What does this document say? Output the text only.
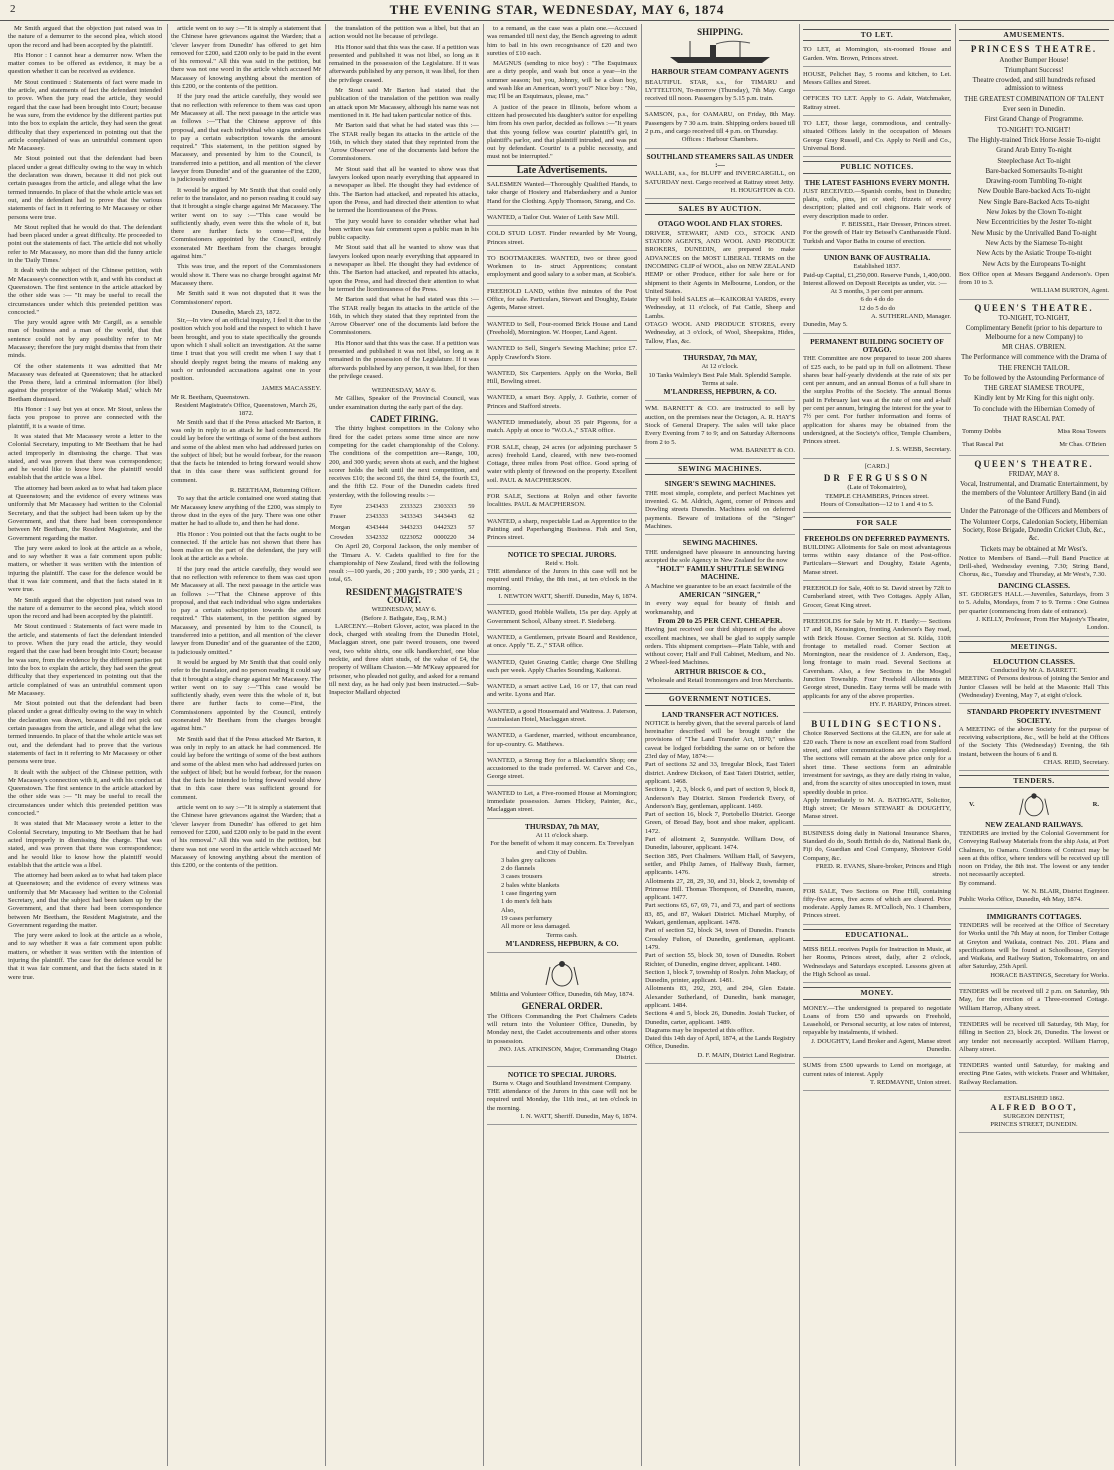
2	THE EVENING STAR, WEDNESDAY, MAY 6, 1874

Mr Smith argued that the objection just raised was in the nature of a demurrer to the second plea, which stood upon the record and had been accepted by the plaintiff.

His Honor : I cannot hear a demurrer now. When the matter comes to be offered as evidence, it may be a question whether it can be received as evidence.

Mr Stout continued : Statements of fact were made in the article, and statements of fact the defendant intended to prove. When the jury read the article, they would regard that the case had been brought into Court; because he was sure, from the evidence by the different parties put into the box to explain the article, they had seen the great difficulty that they experienced in pointing out that the article complained of was an untruthful comment upon Mr Macassey.

Mr Stout pointed out that the defendant had been placed under a great difficulty owing to the way in which the declaration was drawn, because it did not pick out certain passages from the article, and allege what the law termed innuendo. In place of that the whole article was set out, and the defendant had to prove that the various statements of fact in it referring to Mr Macassey or other persons were true.

Mr Stout replied that he would do that. The defendant had been placed under a great difficulty. He proceeded to point out the statements of fact. The article did not wholly refer to Mr Macassey, no more than did the funny article in the 'Daily Times.'

It dealt with the subject of the Chinese petition, with Mr Macassey's connection with it, and with his conduct at Queenstown. The first sentence in the article attacked by the other side was :— "It may be useful to recall the circumstances under which this pretended petition was concocted."

The jury would agree with Mr Cargill, as a sensible man of business and a man of the world, that that sentence could not by any possibility refer to Mr Macassey; therefore the jury might dismiss that from their minds.

Of the other statements it was admitted that Mr Macassey was defeated at Queenstown; that he attacked the Press there, laid a criminal information (for libel) against the proprietor of the 'Wakatip Mail,' which Mr Beetham dismissed.

His Honor : I say but yes at once. Mr Stout, unless the facts you propose to prove are connected with the plaintiff, it is a waste of time.

It was stated that Mr Macassey wrote a letter to the Colonial Secretary, imputing to Mr Beetham that he had acted improperly in dismissing the charge. That was stated, and was proven that there was correspondence; and he would like to know how the plaintiff would establish that the article was a libel.

The attorney had been asked as to what had taken place at Queenstown; and the evidence of every witness was uniformly that Mr Macassey had written to the Colonial Secretary, and that the subject had been taken up by the Government, and that there had been correspondence between Mr Beetham, the Resident Magistrate, and the Government regarding the matter.

The jury were asked to look at the article as a whole, and to say whether it was a fair comment upon public matters, or whether it was written with the intention of injuring the plaintiff. The case for the defence would be that it was fair comment, and that the facts stated in it were true.

Mr Smith argued that the objection just raised was in the nature of a demurrer to the second plea, which stood upon the record and had been accepted by the plaintiff.

Mr Stout continued : Statements of fact were made in the article, and statements of fact the defendant intended to prove. When the jury read the article, they would regard that the case had been brought into Court; because he was sure, from the evidence by the different parties put into the box to explain the article, they had seen the great difficulty that they experienced in pointing out that the article complained of was an untruthful comment upon Mr Macassey.

Mr Stout pointed out that the defendant had been placed under a great difficulty owing to the way in which the declaration was drawn, because it did not pick out certain passages from the article, and allege what the law termed innuendo. In place of that the whole article was set out, and the defendant had to prove that the various statements of fact in it referring to Mr Macassey or other persons were true.

It dealt with the subject of the Chinese petition, with Mr Macassey's connection with it, and with his conduct at Queenstown. The first sentence in the article attacked by the other side was :— "It may be useful to recall the circumstances under which this pretended petition was concocted."

It was stated that Mr Macassey wrote a letter to the Colonial Secretary, imputing to Mr Beetham that he had acted improperly in dismissing the charge. That was stated, and was proven that there was correspondence; and he would like to know how the plaintiff would establish that the article was a libel.

The attorney had been asked as to what had taken place at Queenstown; and the evidence of every witness was uniformly that Mr Macassey had written to the Colonial Secretary, and that the subject had been taken up by the Government, and that there had been correspondence between Mr Beetham, the Resident Magistrate, and the Government regarding the matter.

The jury were asked to look at the article as a whole, and to say whether it was a fair comment upon public matters, or whether it was written with the intention of injuring the plaintiff. The case for the defence would be that it was fair comment, and that the facts stated in it were true.

article went on to say :—"It is simply a statement that the Chinese have grievances against the Warden; that a 'clever lawyer from Dunedin' has offered to get him removed for £200, said £200 only to be paid in the event of his removal." All this was said in the petition, but there was not one word in the article which accused Mr Macassey of knowing anything about the mention of this £200, or the contents of the petition.

If the jury read the article carefully, they would see that no reflection with reference to them was cast upon Mr Macassey at all. The next passage in the article was as follows :—"That the Chinese approve of this proposal, and that each individual who signs undertakes to pay a certain subscription towards the amount required." This statement, in the petition signed by Macassey, and presented by him to the Council, is transferred into a petition, and all mention of 'the clever lawyer from Dunedin' and of the guarantee of the £200, is judiciously omitted."

It would be argued by Mr Smith that that could only refer to the translator, and no person reading it could say that it brought a single charge against Mr Macassey. The writer went on to say :—"This case would be sufficiently shady, even were this the whole of it, but there are further facts to come—First, the Commissioners appointed by the Council, entirely exonerated Mr Beetham from the charges brought against him."

This was true, and the report of the Commissioners would show it. There was no charge brought against Mr Macassey there.

Mr Smith said it was not disputed that it was the Commissioners' report.

Dunedin, March 23, 1872.

Sir,—In view of an official inquiry, I feel it due to the position which you hold and the respect to which I have been brought, and you to state specifically the grounds upon which I shall solicit an investigation. At the same time I trust that you will credit me when I say that I should deeply regret being the means of making any such or unfounded accusations against one in your position.

JAMES MACASSEY.
Mr R. Beetham, Queenstown.
Resident Magistrate's Office, Queenstown, March 26, 1872.

Mr Smith said that if the Press attacked Mr Barton, it was only in reply to an attack he had commenced. He could lay before the writings of some of the best authors and some of the ablest men who had addressed juries on the subject of libel; but he would forbear, for the reason that the facts he intended to bring forward would show that in this case there was sufficient ground for comment.

R. BEETHAM, Returning Officer.

To say that the article contained one word stating that Mr Macassey knew anything of the £200, was simply to throw dust in the eyes of the jury. There was one other matter he had to allude to, and then he had done.

His Honor : You pointed out that the facts ought to be connected. If the article has not shown that there has been malice on the part of the defendant, the jury will look at the article as a whole.

If the jury read the article carefully, they would see that no reflection with reference to them was cast upon Mr Macassey at all. The next passage in the article was as follows :—"That the Chinese approve of this proposal, and that each individual who signs undertakes to pay a certain subscription towards the amount required." This statement, in the petition signed by Macassey, and presented by him to the Council, is transferred into a petition, and all mention of 'the clever lawyer from Dunedin' and of the guarantee of the £200, is judiciously omitted."

It would be argued by Mr Smith that that could only refer to the translator, and no person reading it could say that it brought a single charge against Mr Macassey. The writer went on to say :—"This case would be sufficiently shady, even were this the whole of it, but there are further facts to come—First, the Commissioners appointed by the Council, entirely exonerated Mr Beetham from the charges brought against him."

Mr Smith said that if the Press attacked Mr Barton, it was only in reply to an attack he had commenced. He could lay before the writings of some of the best authors and some of the ablest men who had addressed juries on the subject of libel; but he would forbear, for the reason that the facts he intended to bring forward would show that in this case there was sufficient ground for comment.

article went on to say :—"It is simply a statement that the Chinese have grievances against the Warden; that a 'clever lawyer from Dunedin' has offered to get him removed for £200, said £200 only to be paid in the event of his removal." All this was said in the petition, but there was not one word in the article which accused Mr Macassey of knowing anything about the mention of this £200, or the contents of the petition.

the translation of the petition was a libel, but that an action would not lie because of privilege.

His Honor said that this was the case. If a petition was presented and published it was not libel, so long as it remained in the possession of the Legislature. If it was afterwards published by any person, it was libel, for then the privilege ceased.

Mr Stout said Mr Barton had stated that the publication of the translation of the petition was really an attack upon Mr Macassey, although his name was not mentioned in it. He had taken particular notice of this.

Mr Barton said that what he had stated was this :—The STAR really began its attacks in the article of the 16th, in which they stated that they reprinted from the 'Arrow Observer' one of the documents laid before the Commissioners.

Mr Stout said that all he wanted to show was that lawyers looked upon nearly everything that appeared in a newspaper as libel. He thought they had evidence of this. The Barton had attacked, and repeated his attacks, upon the Press, and had directed their attention to what he termed the licentiousness of the Press.

The jury would have to consider whether what had been written was fair comment upon a public man in his public capacity.

Mr Stout said that all he wanted to show was that lawyers looked upon nearly everything that appeared in a newspaper as libel. He thought they had evidence of this. The Barton had attacked, and repeated his attacks, upon the Press, and had directed their attention to what he termed the licentiousness of the Press.

Mr Barton said that what he had stated was this :—The STAR really began its attacks in the article of the 16th, in which they stated that they reprinted from the 'Arrow Observer' one of the documents laid before the Commissioners.

His Honor said that this was the case. If a petition was presented and published it was not libel, so long as it remained in the possession of the Legislature. If it was afterwards published by any person, it was libel, for then the privilege ceased.

WEDNESDAY, MAY 6.

Mr Gillies, Speaker of the Provincial Council, was under examination during the early part of the day.

CADET FIRING.

The thirty highest competitors in the Colony who fired for the cadet prizes some time since are now competing for the cadet championship of the Colony. The conditions of the competition are—Range, 100, 200, and 300 yards; seven shots at each, and the highest scorer holds the belt until the next competition, and receives £10; the second £6, the third £4, the fourth £3, and the fifth £2. Four of the Dunedin cadets fired yesterday, with the following results :—

Eyre	2343433	2333323	2303333	59
Fraser	2343333	3433343	3443443	62
Morgan	4343444	3443233	0442323	57
Crowden	3342332	0223052	0000220	34

On April 20, Corporal Jackson, the only member of the Timaru A. V. Cadets qualified to fire for the championship of New Zealand, fired with the following result :—100 yards, 26 ; 200 yards, 19 ; 300 yards, 21 ; total, 65.

RESIDENT MAGISTRATE'S COURT.
WEDNESDAY, MAY 6.
(Before J. Bathgate, Esq., R.M.)

LARCENY.—Robert Glover, actor, was placed in the dock, charged with stealing from the Dunedin Hotel, Maclaggan street, one pair tweed trousers, one tweed vest, two white shirts, one silk handkerchief, one blue necktie, and three shirt studs, of the value of £4, the property of William Chaston.—Mr M'Keay appeared for prisoner, who pleaded not guilty, and asked for a remand till next day, as he had only just been instructed.—Sub-Inspector Mallard objected

to a remand, as the case was a plain one.—Accused was remanded till next day, the Bench agreeing to admit him to bail in his own recognisance of £20 and two sureties of £10 each.

MAGNUS (sending to nice boy) : "The Esquimaux are a dirty people, and wash but once a year—in the summer season; but you, Johnny, will be a clean boy, and wash like an American, won't you?" Nice boy : "No, ma; I'll be an Esquimaux, please, ma."

A justice of the peace in Illinois, before whom a citizen had prosecuted his daughter's suitor for expelling him from his own parlor, decided as follows :—"It years that this young fellow was courtin' plaintiff's girl, in plaintiff's parlor, and that plaintiff intruded, and was put out by defendant. Courtin' is a public necessity, and must not be interrupted."

Late Advertisements.
SALESMEN Wanted—Thoroughly Qualified Hands, to take charge of Hosiery and Haberdashery and a Junior Hand for the Clothing. Apply Thomson, Strang, and Co.
WANTED, a Tailor Out. Water of Leith Saw Mill.
COLD STUD LOST. Finder rewarded by Mr Young, Princes street.
TO BOOTMAKERS. WANTED, two or three good Workmen to in- struct Apprentices; constant employment and good salary to a sober man, at Scobie's.
FREEHOLD LAND, within five minutes of the Post Office, for sale. Particulars, Stewart and Doughty, Estate Agents, Manse street.
WANTED to Sell, Four-roomed Brick House and Land (Freehold), Mornington. W. Hooper, Land Agent.
WANTED to Sell, Singer's Sewing Machine; price £7. Apply Crawford's Store.
WANTED, Six Carpenters. Apply on the Works, Bell Hill, Bowling street.
WANTED, a smart Boy. Apply, J. Guthrie, corner of Princes and Stafford streets.
WANTED immediately, about 35 pair Pigeons, for a match. Apply at once to "W.O.A.," STAR office.
FOR SALE, cheap, 24 acres (or adjoining purchaser 5 acres) freehold Land, cleared, with new two-roomed Cottage, three miles from Post office. Good spring of water with plenty of firewood on the property. Excellent soil. PAUL & MACPHERSON.
FOR SALE, Sections at Rolyn and other favorite localities. PAUL & MACPHERSON.
WANTED, a sharp, respectable Lad as Apprentice to the Painting and Paperhanging Business. Fish and Son, Princes street.
NOTICE TO SPECIAL JURORS.
Reid v. Holt.
THE attendance of the Jurors in this case will not be required until Friday, the 8th inst., at ten o'clock in the morning.
I. NEWTON WATT, Sheriff. Dunedin, May 6, 1874.
WANTED, good Hobble Wallets, 15s per day. Apply at Government School, Albany street. F. Siedeberg.
WANTED, a Gentlemen, private Board and Residence, at once. Apply "E. Z.," STAR office.
WANTED, Quiet Grazing Cattle; charge One Shilling each per week. Apply Charles Sounding, Kaikorai.
WANTED, a smart active Lad, 16 or 17, that can read and write. Lyons and Har.
WANTED, a good Housemaid and Waitress. J. Paterson, Australasian Hotel, Maclaggan street.
WANTED, a Gardener, married, without encumbrance, for up-country. G. Matthews.
WANTED, a Strong Boy for a Blacksmith's Shop; one accustomed to the trade preferred. W. Carver and Co., George street.
WANTED to Let, a Five-roomed House at Mornington; immediate possession. James Hickey, Painter, &c., Maclaggan street.
THURSDAY, 7th MAY,
At 11 o'clock sharp.
For the benefit of whom it may concern. Ex Trevelyan and City of Dublin.
3 bales grey calicoes
2 do flannels
3 cases trousers
2 bales white blankets
1 case fingering yarn
1 do men's felt hats
Also,
19 cases perfumery
All more or less damaged.
Terms cash.
M'LANDRESS, HEPBURN, & CO.
Militia and Volunteer Office, Dunedin, 6th May, 1874.
GENERAL ORDER.
The Officers Commanding the Port Chalmers Cadets will return into the Volunteer Office, Dunedin, by Monday next, the Cadet accoutrements and other stores in possession.
JNO. JAS. ATKINSON, Major, Commanding Otago District.
NOTICE TO SPECIAL JURORS.
Burns v. Otago and Southland Investment Company.
THE attendance of the Jurors in this case will not be required until Monday, the 11th inst., at ten o'clock in the morning.
I. N. WATT, Sheriff. Dunedin, May 6, 1874.
SHIPPING.
HARBOUR STEAM COMPANY AGENTS
BEAUTIFUL STAR, s.s., for TIMARU and LYTTELTON, To-morrow (Thursday), 7th May. Cargo received till noon. Passengers by 5.15 p.m. train.
SAMSON, p.s., for OAMARU, on Friday, 8th May. Passengers by 7 30 a.m. train. Shipping orders issued till 2 p.m., and cargo received till 4 p.m. on Thursday.
Offices : Harbour Chambers.
SOUTHLAND STEAMERS SAIL AS UNDER :—
WALLABI, s.s., for BLUFF and INVERCARGILL, on SATURDAY next. Cargo received at Rattray street Jetty.
H. HOUGHTON & CO.
SALES BY AUCTION.
OTAGO WOOL AND FLAX STORES.
DRIVER, STEWART, AND CO., STOCK AND STATION AGENTS, AND WOOL AND PRODUCE BROKERS, DUNEDIN, are prepared to make ADVANCES on the MOST LIBERAL TERMS on the INCOMING CLIP of WOOL, also on NEW ZEALAND HEMP or other Produce, either for sale here or for shipment to their Agents in Melbourne, London, or the United States.
They will hold SALES at—KAIKORAI YARDS, every Wednesday, at 11 o'clock, of Fat Cattle, Sheep and Lambs.
OTAGO WOOL AND PRODUCE STORES, every Wednesday, at 3 o'clock, of Wool, Sheepskins, Hides, Tallow, Flax, &c.
THURSDAY, 7th MAY,
At 12 o'clock.
10 Tanks Walmley's Best Pale Malt. Splendid Sample.
Terms at sale.
M'LANDRESS, HEPBURN, & CO.
WM. BARNETT & CO. are instructed to sell by auction, on the premises near the Octagon, A. R. HAY'S Stock of General Drapery. The sales will take place Every Evening from 7 to 9; and on Saturday Afternoons from 2 to 5.
WM. BARNETT & CO.
SEWING MACHINES.
SINGER'S SEWING MACHINES.
THE most simple, complete, and perfect Machines yet invented. G. M. Aldrich, Agent, corner of Princes and Dowling streets Dunedin. Machines sold on deferred payments. Beware of imitations of the "Singer" Machines.
SEWING MACHINES.
THE undersigned have pleasure in announcing having accepted the sole Agency in New Zealand for the now
"HOLT" FAMILY SHUTTLE SEWING MACHINE.
A Machine we guarantee to be an exact facsimile of the
AMERICAN "SINGER,"
in every way equal for beauty of finish and workmanship, and
From 20 to 25 PER CENT. CHEAPER.
Having just received our third shipment of the above excellent machines, we shall be glad to supply sample orders. This shipment comprises—Plain Table, with and without cover; Half and Full Cabinet, Medium, and No. 2 Wheel-feed Machines.
ARTHUR BRISCOE & CO.,
Wholesale and Retail Ironmongers and Iron Merchants.
GOVERNMENT NOTICES.
LAND TRANSFER ACT NOTICES.
NOTICE is hereby given, that the several parcels of land hereinafter described will be brought under the provisions of "The Land Transfer Act, 1870," unless caveat be lodged forbidding the same on or before the 23rd day of May, 1874:—
Part of sections 32 and 33, Irregular Block, East Taieri district. Andrew Dickson, of East Taieri District, settler, applicant. 1468.
Sections 1, 2, 3, block 6, and part of section 9, block 8, Anderson's Bay District. Simon Frederick Every, of Anderson's Bay, gentleman, applicant. 1469.
Part of section 16, block 7, Portobello District. George Green, of Broad Bay, boot and shoe maker, applicant. 1472.
Part of allotment 2, Sunnyside. William Dow, of Dunedin, labourer, applicant. 1474.
Section 385, Port Chalmers. William Hall, of Sawyers, settler, and Philip James, of Halfway Bush, farmer, applicants. 1476.
Allotments 27, 28, 29, 30, and 31, block 2, township of Primrose Hill. Thomas Thompson, of Dunedin, mason, applicant. 1477.
Part sections 65, 67, 69, 71, and 73, and part of sections 83, 85, and 87, Wakari District. Michael Murphy, of Wakari, gentleman, applicant. 1478.
Part of section 52, block 34, town of Dunedin. Francis Crossley Fulton, of Dunedin, gentleman, applicant. 1479.
Part of section 55, block 30, town of Dunedin. Robert Richter, of Dunedin, engine driver, applicant. 1480.
Section 1, block 7, township of Roslyn. John Mackay, of Dunedin, printer, applicant. 1481.
Allotments 83, 292, 293, and 294, Glen Estate. Alexander Sutherland, of Dunedin, bank manager, applicant. 1484.
Sections 4 and 5, block 26, Dunedin. Josiah Tucker, of Dunedin, carter, applicant. 1489.
Diagrams may be inspected at this office.
Dated this 14th day of April, 1874, at the Lands Registry Office, Dunedin.
D. F. MAIN, District Land Registrar.
TO LET.
TO LET, at Mornington, six-roomed House and Garden. Wm. Brown, Princes street.
HOUSE, Pelichet Bay, 5 rooms and kitchen, to Let. Messrs Gillies and Street.
OFFICES TO LET. Apply to G. Adair, Watchmaker, Rattray street.
TO LET, those large, commodious, and centrally-situated Offices lately in the occupation of Messrs George Gray Russell, and Co. Apply to Neill and Co., Universal Bond.
PUBLIC NOTICES.
THE LATEST FASHIONS EVERY MONTH.
JUST RECEIVED.—Spanish combs, best in Dunedin; plaits, coils, pins, jet or steel; frizzets of every description; plaited and coil chignons. Hair work of every description made to order.
F. BEISSEL, Hair Dresser, Princes street.
For the growth of Hair try Beissel's Cantharaside Fluid. Turkish and Vapor Baths in course of erection.
UNION BANK OF AUSTRALIA.
Established 1837.
Paid-up Capital, £1,250,000. Reserve Funds, 1,400,000.
Interest allowed on Deposit Receipts as under, viz. :—
At 3 months, 3 per cent per annum.
6 do 4 do do
12 do 5 do do
A. SUTHERLAND, Manager.
Dunedin, May 5.
PERMANENT BUILDING SOCIETY OF OTAGO.
THE Committee are now prepared to issue 200 shares of £25 each, to be paid up in full on allotment. These shares bear half-yearly dividends at the rate of six per cent per annum, and an annual Bonus of a full share in the surplus Profits of the Society. The annual Bonus paid in February last was at the rate of one and a-half per cent per annum, bringing the interest for the year to 7½ per cent. For further information and forms of application for shares may be obtained from the undersigned, at the Society's office, Temple Chambers, Princes street.
J. S. WEBB, Secretary.
[CARD.]
DR FERGUSSON
(Late of Tokomairiro),
TEMPLE CHAMBERS, Princes street.
Hours of Consultation—12 to 1 and 4 to 5.
FOR SALE
FREEHOLDS ON DEFERRED PAYMENTS.
BUILDING Allotments for Sale on most advantageous terms within easy distance of the Post-office. Particulars—Stewart and Doughty, Estate Agents, Manse street.
FREEHOLD for Sale, 40ft to St. David street by 72ft to Cumberland street, with Two Cottages. Apply Allan, Grocer, Great King street.
FREEHOLDS for Sale by Mr H. F. Hardy:— Sections 17 and 18, Kensington, fronting Anderson's Bay road, with Brick House. Corner Section at St. Kilda, 110ft frontage to metalled road. Corner Section at Mornington, near the residence of J. Anderson, Esq., long frontage to main road. Several Sections at Caversham. Also, a few Sections in the Mosgiel Junction Township. Four Freehold Allotments in George street, Dunedin. Easy terms will be made with applicants for any of the above properties.
HY. F. HARDY, Princes street.
BUILDING SECTIONS.
Choice Reserved Sections at the GLEN, are for sale at £20 each. There is now an excellent road from Stafford street, and other communications are also completed. The sections will remain at the above price only for a short time. These sections form an admirable investment for savings, as they are daily rising in value, and, from the scarcity of sites unoccupied in town, must speedily double in price.
Apply immediately to M. A. BATHGATE, Solicitor, High street; Or Messrs STEWART & DOUGHTY, Manse street.
BUSINESS doing daily in National Insurance Shares, Standard do do, South British do do, National Bank do, Fiji do, Guardian and Coal Company, Shotover Gold Company, &c.
FRED. R. EVANS, Share-broker, Princes and High streets.
FOR SALE, Two Sections on Pine Hill, containing fifty-five acres, five acres of which are cleared. Price moderate. Apply James R. M'Culloch, No. 1 Chambers, Princes street.
EDUCATIONAL.
MISS BELL receives Pupils for Instruction in Music, at her Rooms, Princes street, daily, after 2 o'clock, Wednesdays and Saturdays excepted. Lessons given at the High School as usual.
MONEY.
MONEY.—The undersigned is prepared to negotiate Loans of from £50 and upwards on Freehold, Leasehold, or Personal security, at low rates of interest, repayable by instalments, if wished.
J. DOUGHTY, Land Broker and Agent, Manse street Dunedin.
SUMS from £500 upwards to Lend on mortgage, at current rates of interest. Apply
T. REDMAYNE, Union street.
AMUSEMENTS.
PRINCESS THEATRE.
Another Bumper House!
Triumphant Success!
Theatre crowded, and still hundreds refused admission to witness
THE GREATEST COMBINATION OF TALENT
Ever seen in Dunedin.
First Grand Change of Programme.
TO-NIGHT! TO-NIGHT!
The Highly-trained Trick Horse Jessie To-night
Grand Arab Entry To-night
Steeplechase Act To-night
Bare-backed Somersaults To-night
Drawing-room Tumbling To-night
New Double Bare-backed Acts To-night
New Single Bare-Backed Acts To-night
New Jokes by the Clown To-night
New Eccentricities by the Jester To-night
New Music by the Unrivalled Band To-night
New Acts by the Siamese To-night
New Acts by the Asiatic Troupe To-night
New Acts by the Europeans To-night
Box Office open at Messrs Beggand Anderson's. Open from 10 to 3.
WILLIAM BURTON, Agent.
QUEEN'S THEATRE.
TO-NIGHT, TO-NIGHT,
Complimentary Benefit (prior to his departure to Melbourne for a new Company) to
MR CHAS. O'BRIEN.
The Performance will commence with the Drama of
THE FRENCH TAILOR.
To be followed by the Astounding Performance of
THE GREAT SIAMESE TROUPE,
Kindly lent by Mr King for this night only.
To conclude with the Hibernian Comedy of
THAT RASCAL PAT.
Tommy Dobbs	Miss Rosa Towers
That Rascal Pat	Mr Chas. O'Brien
QUEEN'S THEATRE.
FRIDAY, MAY 8.
Vocal, Instrumental, and Dramatic Entertainment, by the members of the Volunteer Artillery Band (in aid of the Band Fund).
Under the Patronage of the Officers and Members of
The Volunteer Corps, Caledonian Society, Hibernian Society, Rose Brigade, Dunedin Cricket Club, &c., &c.
Tickets may be obtained at Mr West's.
Notice to Members of Band.—Full Band Practice at Drill-shed, Wednesday evening, 7.30; String Band, Chorus, &c., Tuesday and Thursday, at Mr West's, 7.30.
DANCING CLASSES.
ST. GEORGE'S HALL.—Juveniles, Saturdays, from 3 to 5. Adults, Mondays, from 7 to 9. Terms : One Guinea per quarter (commencing from date of entrance).
J. KELLY, Professor, From Her Majesty's Theatre, London.
MEETINGS.
ELOCUTION CLASSES.
Conducted by Mr A. BARRETT.
MEETING of Persons desirous of joining the Senior and Junior Classes will be held at the Masonic Hall This (Wednesday) Evening, May 7, at eight o'clock.
STANDARD PROPERTY INVESTMENT SOCIETY.
A MEETING of the above Society for the purpose of receiving subscriptions, &c., will be held at the Offices of the Society This (Wednesday) Evening, the 6th instant, between the hours of 6 and 8.
CHAS. REID, Secretary.
TENDERS.
V.	R.
NEW ZEALAND RAILWAYS.
TENDERS are invited by the Colonial Government for Conveying Railway Materials from the ship Asia, at Port Chalmers, to Oamaru. Conditions of Contract may be seen at this office, where tenders will be received up till noon on Friday, the 8th inst. The lowest or any tender not necessarily accepted.
By command.
W. N. BLAIR, District Engineer.
Public Works Office, Dunedin, 4th May, 1874.
IMMIGRANTS COTTAGES.
TENDERS will be received at the Office of Secretary for Works until the 7th May at noon, for Timber Cottage at Greyton and Waikaia, contract No. 201. Plans and specifications will be found at Schoolhouse, Greyton and Waikaia, and Railway Station, Tokomairiro, on and after Saturday, 25th April.
HORACE BASTINGS, Secretary for Works.
TENDERS will be received till 2 p.m. on Saturday, 9th May, for the erection of a Three-roomed Cottage. William Harrop, Albany street.
TENDERS will be received till Saturday, 9th May, for filling in Section 23, block 26, Dunedin. The lowest or any tender not necessarily accepted. William Harrop, Albany street.
TENDERS wanted until Saturday, for making and erecting Pine Gates, with wickets. Fraser and Whittaker, Railway Reclamation.
ESTABLISHED 1862.
ALFRED BOOT,
SURGEON DENTIST,
PRINCES STREET, DUNEDIN.
